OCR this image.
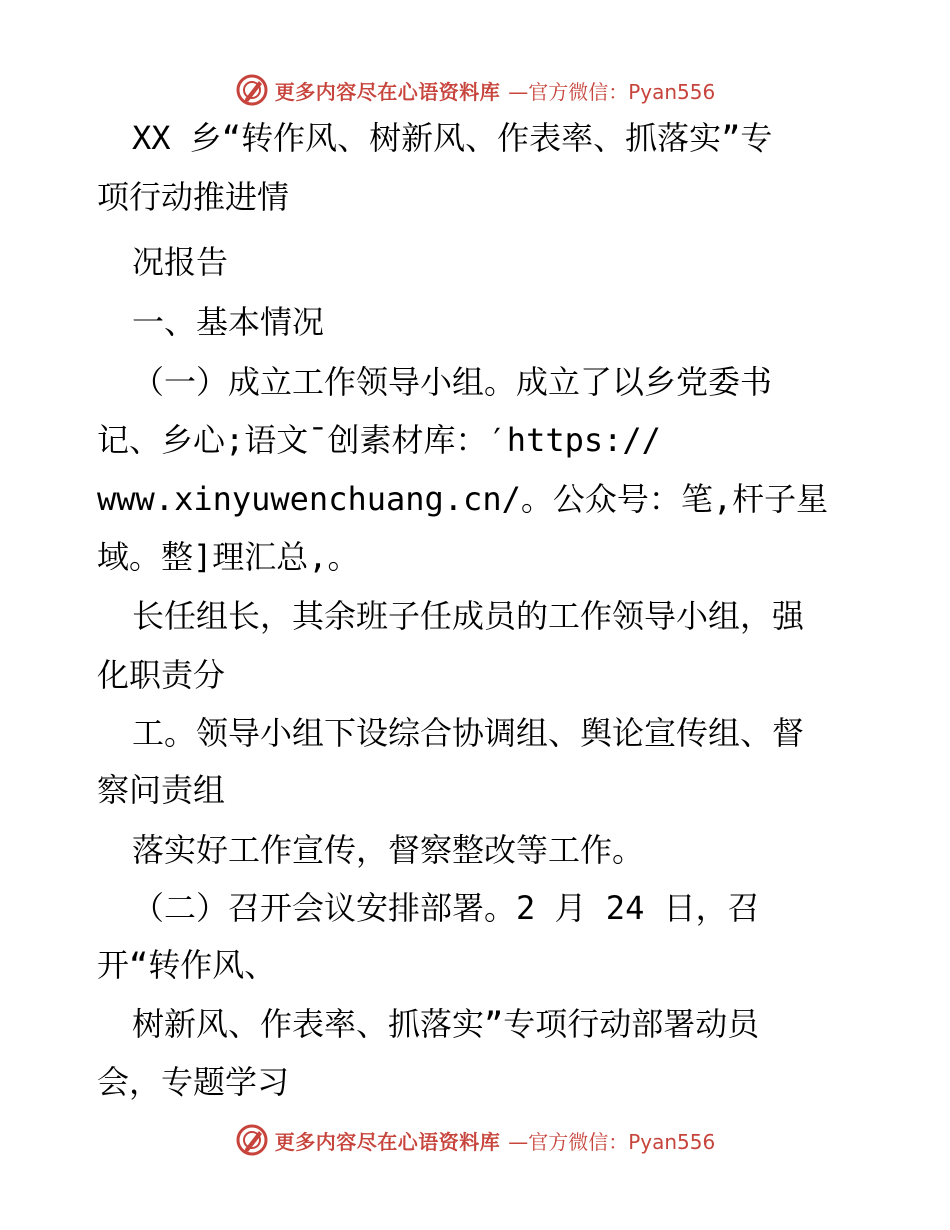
更多内容尽在心语资料库 —官方微信：Pyan556
XX 乡“转作风、树新风、作表率、抓落实”专
项行动推进情
况报告
一、基本情况
（一）成立工作领导小组。成立了以乡党委书
记、乡心;语文¯创素材库：′https://
www.xinyuwenchuang.cn/。公众号：笔,杆子星
域。整]理汇总,。
长任组长，其余班子任成员的工作领导小组，强
化职责分
工。领导小组下设综合协调组、舆论宣传组、督
察问责组
落实好工作宣传，督察整改等工作。
（二）召开会议安排部署。2 月 24 日，召
开“转作风、
树新风、作表率、抓落实”专项行动部署动员
会，专题学习
更多内容尽在心语资料库 —官方微信：Pyan556
